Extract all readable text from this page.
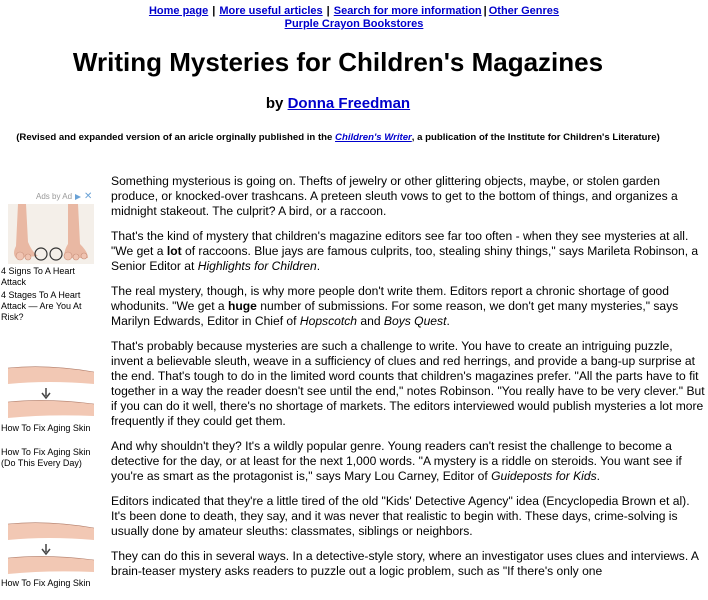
Home page | More useful articles | Search for more information | Other Genres
Purple Crayon Bookstores
Writing Mysteries for Children's Magazines
by Donna Freedman
(Revised and expanded version of an aricle orginally published in the Children's Writer, a publication of the Institute for Children's Literature)
Ads by Ad ✕
4 Signs To A Heart Attack
4 Stages To A Heart Attack — Are You At Risk?
How To Fix Aging Skin
How To Fix Aging Skin (Do This Every Day)
How To Fix Aging Skin

Something mysterious is going on. Thefts of jewelry or other glittering objects, maybe, or stolen garden produce, or knocked-over trashcans. A preteen sleuth vows to get to the bottom of things, and organizes a midnight stakeout. The culprit? A bird, or a raccoon.

That's the kind of mystery that children's magazine editors see far too often - when they see mysteries at all. "We get a lot of raccoons. Blue jays are famous culprits, too, stealing shiny things," says Marileta Robinson, a Senior Editor at Highlights for Children.

The real mystery, though, is why more people don't write them. Editors report a chronic shortage of good whodunits. "We get a huge number of submissions. For some reason, we don't get many mysteries," says Marilyn Edwards, Editor in Chief of Hopscotch and Boys Quest.

That's probably because mysteries are such a challenge to write. You have to create an intriguing puzzle, invent a believable sleuth, weave in a sufficiency of clues and red herrings, and provide a bang-up surprise at the end. That's tough to do in the limited word counts that children's magazines prefer. "All the parts have to fit together in a way the reader doesn't see until the end," notes Robinson. "You really have to be very clever." But if you can do it well, there's no shortage of markets. The editors interviewed would publish mysteries a lot more frequently if they could get them.

And why shouldn't they? It's a wildly popular genre. Young readers can't resist the challenge to become a detective for the day, or at least for the next 1,000 words. "A mystery is a riddle on steroids. You want see if you're as smart as the protagonist is," says Mary Lou Carney, Editor of Guideposts for Kids.

Editors indicated that they're a little tired of the old "Kids' Detective Agency" idea (Encyclopedia Brown et al). It's been done to death, they say, and it was never that realistic to begin with. These days, crime-solving is usually done by amateur sleuths: classmates, siblings or neighbors.

They can do this in several ways. In a detective-style story, where an investigator uses clues and interviews. A brain-teaser mystery asks readers to puzzle out a logic problem, such as "If there's only one
